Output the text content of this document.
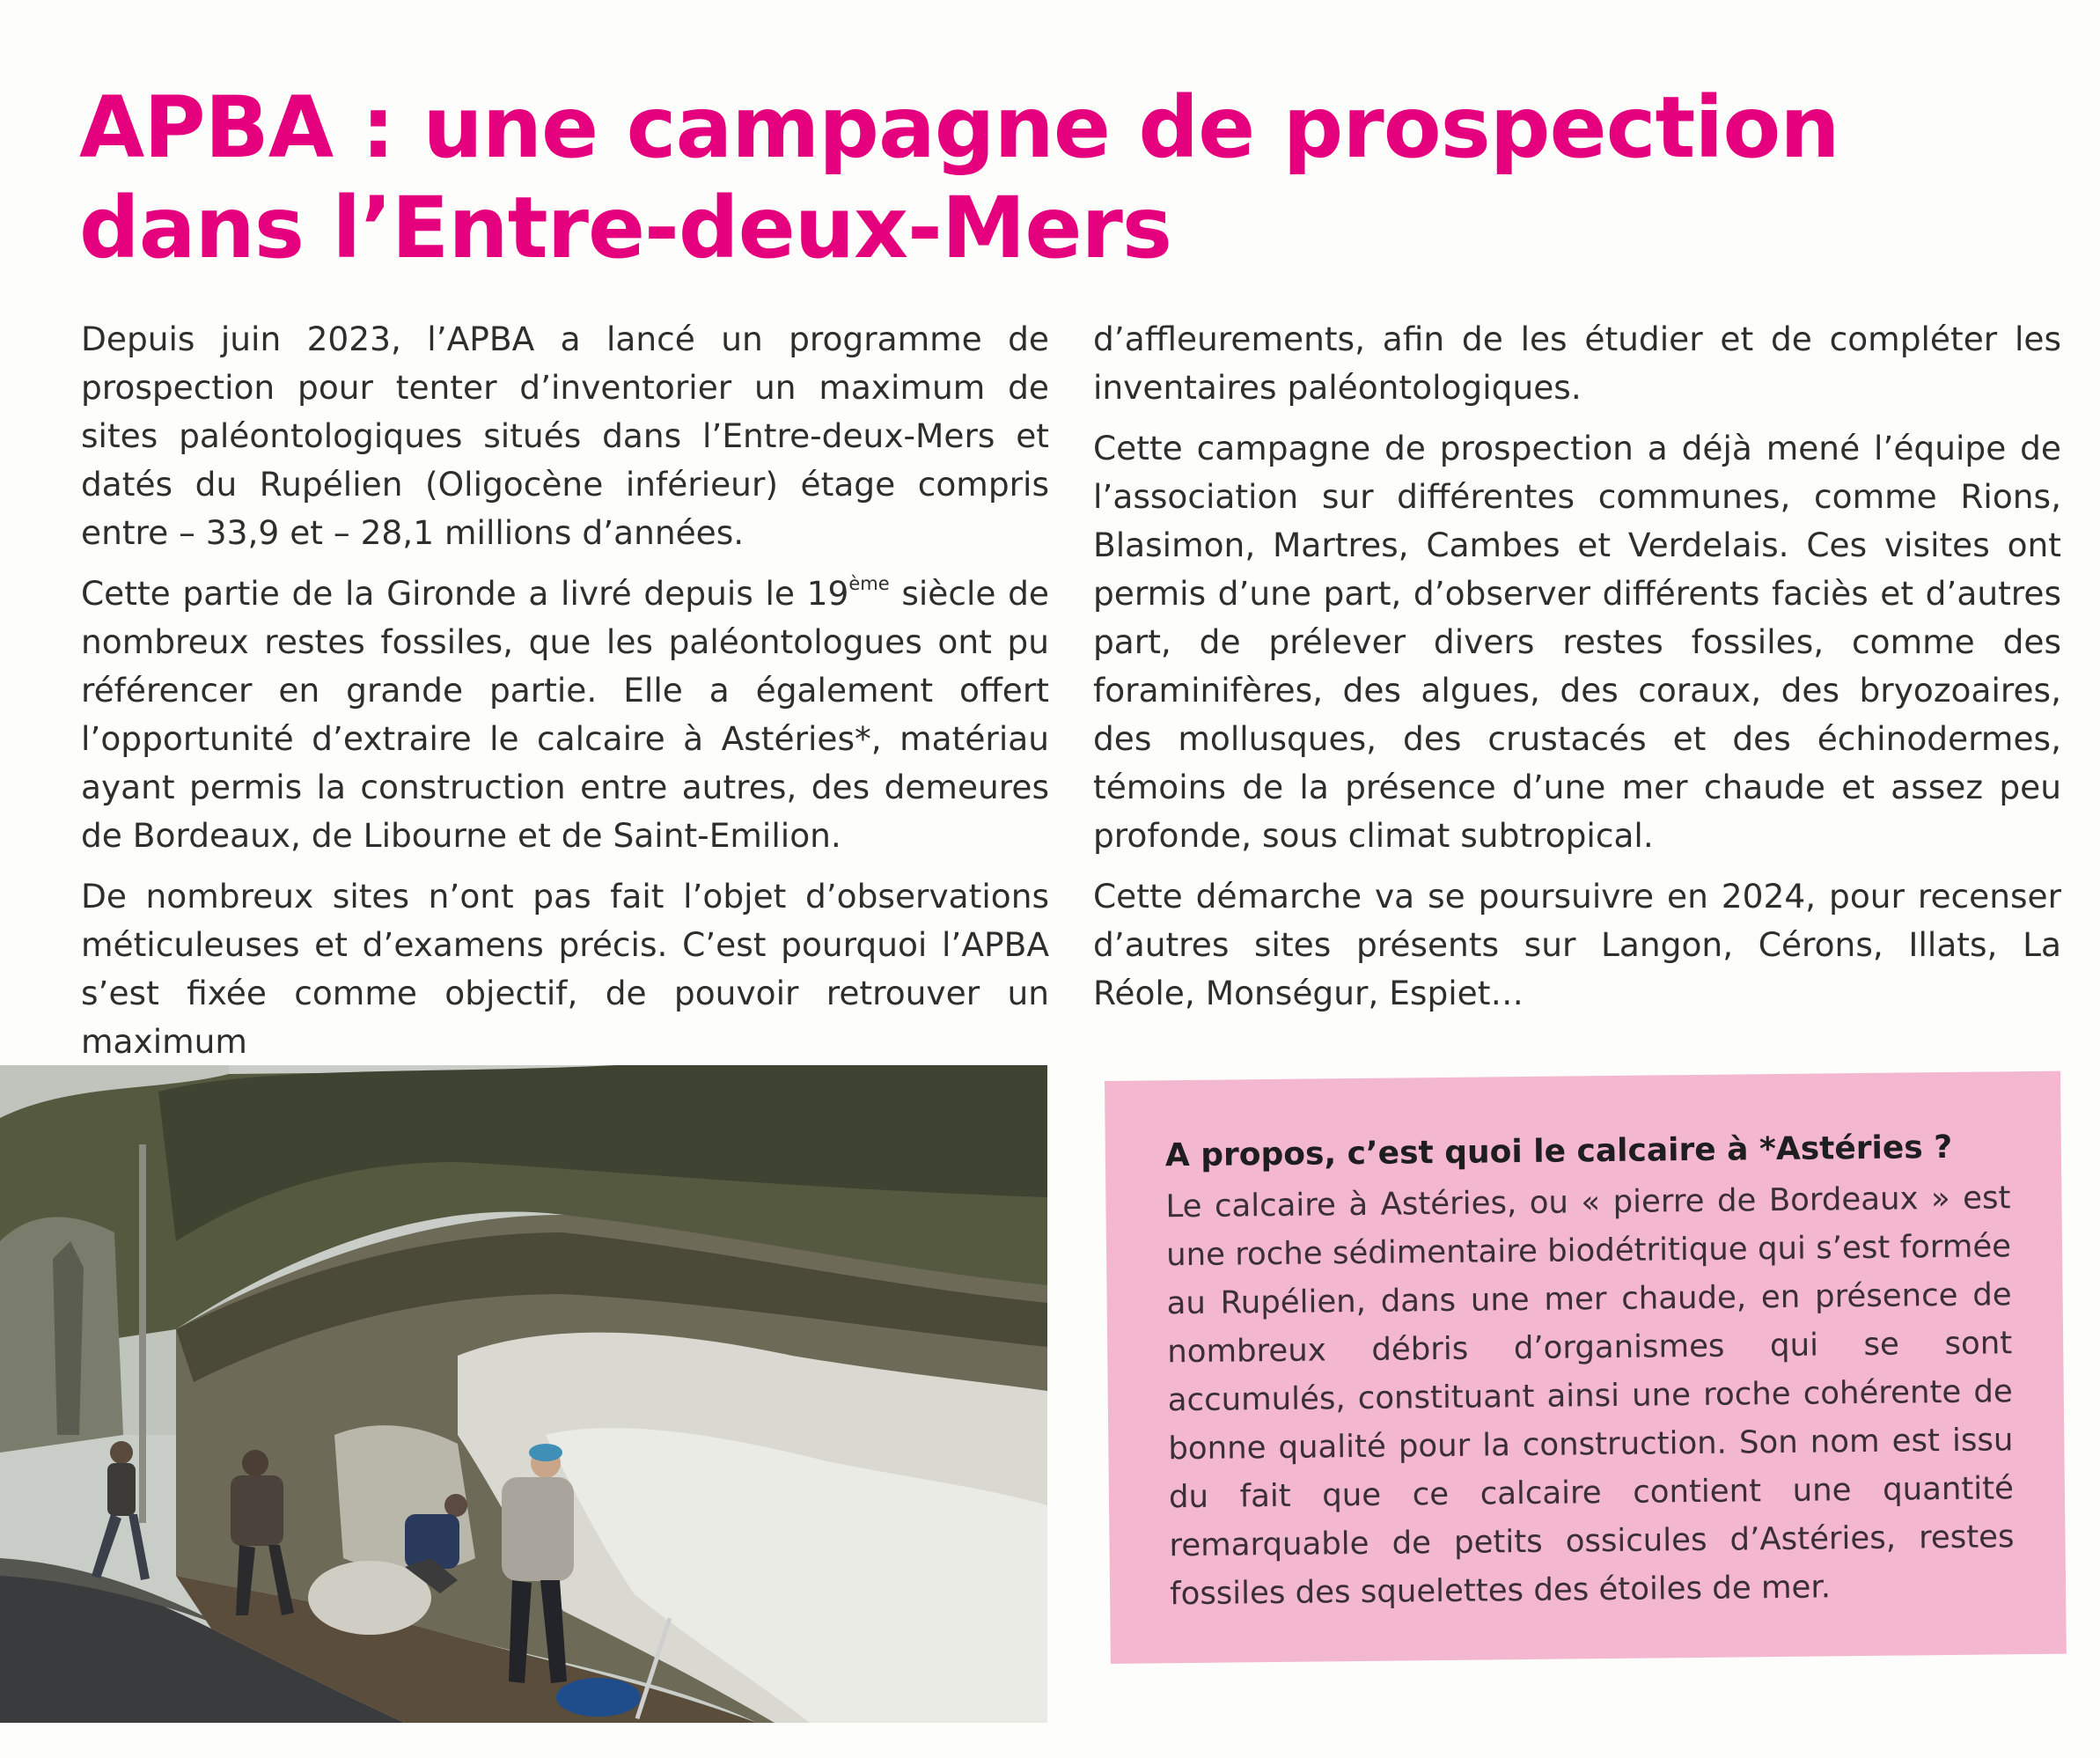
APBA : une campagne de prospection dans l’Entre-deux-Mers

Depuis juin 2023, l’APBA a lancé un programme de prospection pour tenter d’inventorier un maximum de sites paléontologiques situés dans l’Entre-deux-Mers et datés du Rupélien (Oligocène inférieur) étage compris entre – 33,9 et – 28,1 millions d’années.

Cette partie de la Gironde a livré depuis le 19ème siècle de nombreux restes fossiles, que les paléontologues ont pu référencer en grande partie. Elle a également offert l’opportunité d’extraire le calcaire à Astéries*, matériau ayant permis la construction entre autres, des demeures de Bordeaux, de Libourne et de Saint-Emilion.

De nombreux sites n’ont pas fait l’objet d’observations méticuleuses et d’examens précis. C’est pourquoi l’APBA s’est fixée comme objectif, de pouvoir retrouver un maximum

d’affleurements, afin de les étudier et de compléter les inventaires paléontologiques.

Cette campagne de prospection a déjà mené l’équipe de l’association sur différentes communes, comme Rions, Blasimon, Martres, Cambes et Verdelais. Ces visites ont permis d’une part, d’observer différents faciès et d’autres part, de prélever divers restes fossiles, comme des foraminifères, des algues, des coraux, des bryozoaires, des mollusques, des crustacés et des échinodermes, témoins de la présence d’une mer chaude et assez peu profonde, sous climat subtropical.

Cette démarche va se poursuivre en 2024, pour recenser d’autres sites présents sur Langon, Cérons, Illats, La Réole, Monségur, Espiet…

A propos, c’est quoi le calcaire à *Astéries ?

Le calcaire à Astéries, ou « pierre de Bordeaux » est une roche sédimentaire biodétritique qui s’est formée au Rupélien, dans une mer chaude, en présence de nombreux débris d’organismes qui se sont accumulés, constituant ainsi une roche cohérente de bonne qualité pour la construction. Son nom est issu du fait que ce calcaire contient une quantité remarquable de petits ossicules d’Astéries, restes fossiles des squelettes des étoiles de mer.
